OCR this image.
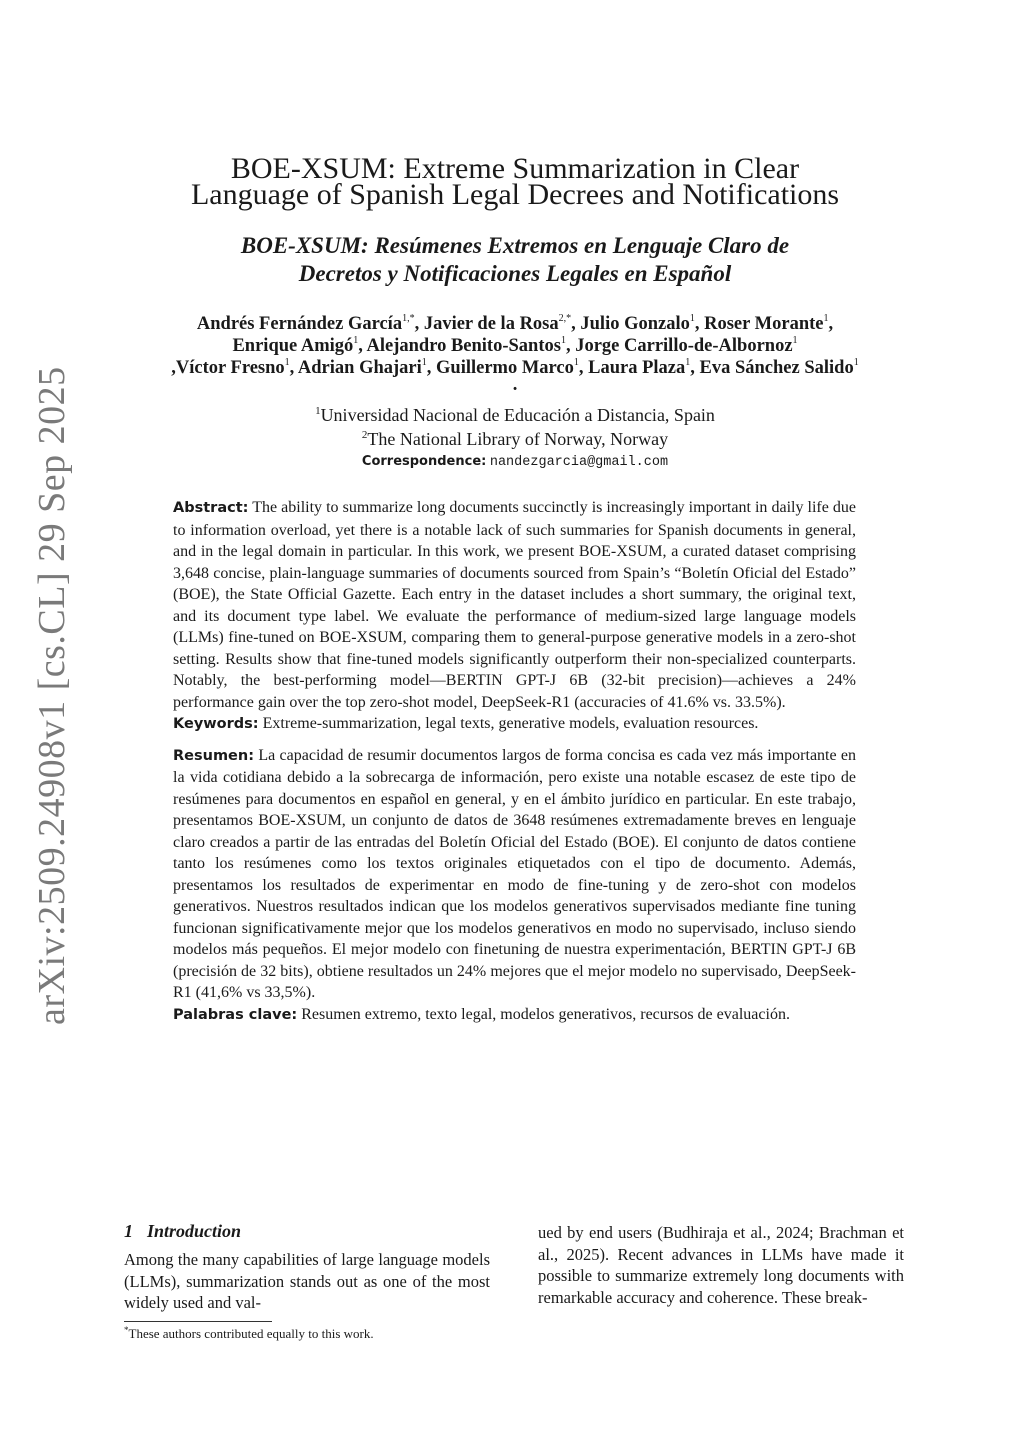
arXiv:2509.24908v1 [cs.CL] 29 Sep 2025
BOE-XSUM: Extreme Summarization in Clear
Language of Spanish Legal Decrees and Notifications
BOE-XSUM: Resúmenes Extremos en Lenguaje Claro de
Decretos y Notificaciones Legales en Español
Andrés Fernández García$^{1,*}$, Javier de la Rosa$^{2,*}$, Julio Gonzalo$^1$, Roser Morante$^1$,
Enrique Amigó$^1$, Alejandro Benito-Santos$^1$, Jorge Carrillo-de-Albornoz$^1$
,Víctor Fresno$^1$, Adrian Ghajari$^1$, Guillermo Marco$^1$, Laura Plaza$^1$, Eva Sánchez Salido$^1$
.
$^1$Universidad Nacional de Educación a Distancia, Spain
$^2$The National Library of Norway, Norway
Correspondence: nandezgarcia@gmail.com

Abstract: The ability to summarize long documents succinctly is increasingly important in daily life due to information overload, yet there is a notable lack of such summaries for Spanish documents in general, and in the legal domain in particular. In this work, we present BOE-XSUM, a curated dataset comprising 3,648 concise, plain-language summaries of documents sourced from Spain’s “Boletín Oficial del Estado” (BOE), the State Official Gazette. Each entry in the dataset includes a short summary, the original text, and its document type label. We evaluate the performance of medium-sized large language models (LLMs) fine-tuned on BOE-XSUM, comparing them to general-purpose generative models in a zero-shot setting. Results show that fine-tuned models significantly outperform their non-specialized counterparts. Notably, the best-performing model—BERTIN GPT-J 6B (32-bit precision)—achieves a 24% performance gain over the top zero-shot model, DeepSeek-R1 (accuracies of 41.6% vs. 33.5%).

Keywords: Extreme-summarization, legal texts, generative models, evaluation resources.

Resumen: La capacidad de resumir documentos largos de forma concisa es cada vez más importante en la vida cotidiana debido a la sobrecarga de información, pero existe una notable escasez de este tipo de resúmenes para documentos en español en general, y en el ámbito jurídico en particular. En este trabajo, presentamos BOE-XSUM, un conjunto de datos de 3648 resúmenes extremadamente breves en lenguaje claro creados a partir de las entradas del Boletín Oficial del Estado (BOE). El conjunto de datos contiene tanto los resúmenes como los textos originales etiquetados con el tipo de documento. Además, presentamos los resultados de experimentar en modo de fine-tuning y de zero-shot con modelos generativos. Nuestros resultados indican que los modelos generativos supervisados mediante fine tuning funcionan significativamente mejor que los modelos generativos en modo no supervisado, incluso siendo modelos más pequeños. El mejor modelo con finetuning de nuestra experimentación, BERTIN GPT-J 6B (precisión de 32 bits), obtiene resultados un 24% mejores que el mejor modelo no supervisado, DeepSeek-R1 (41,6% vs 33,5%).

Palabras clave: Resumen extremo, texto legal, modelos generativos, recursos de evaluación.

1 Introduction
Among the many capabilities of large language models (LLMs), summarization stands out as one of the most widely used and val-
ued by end users (Budhiraja et al., 2024; Brachman et al., 2025). Recent advances in LLMs have made it possible to summarize extremely long documents with remarkable accuracy and coherence. These break-
*These authors contributed equally to this work.
